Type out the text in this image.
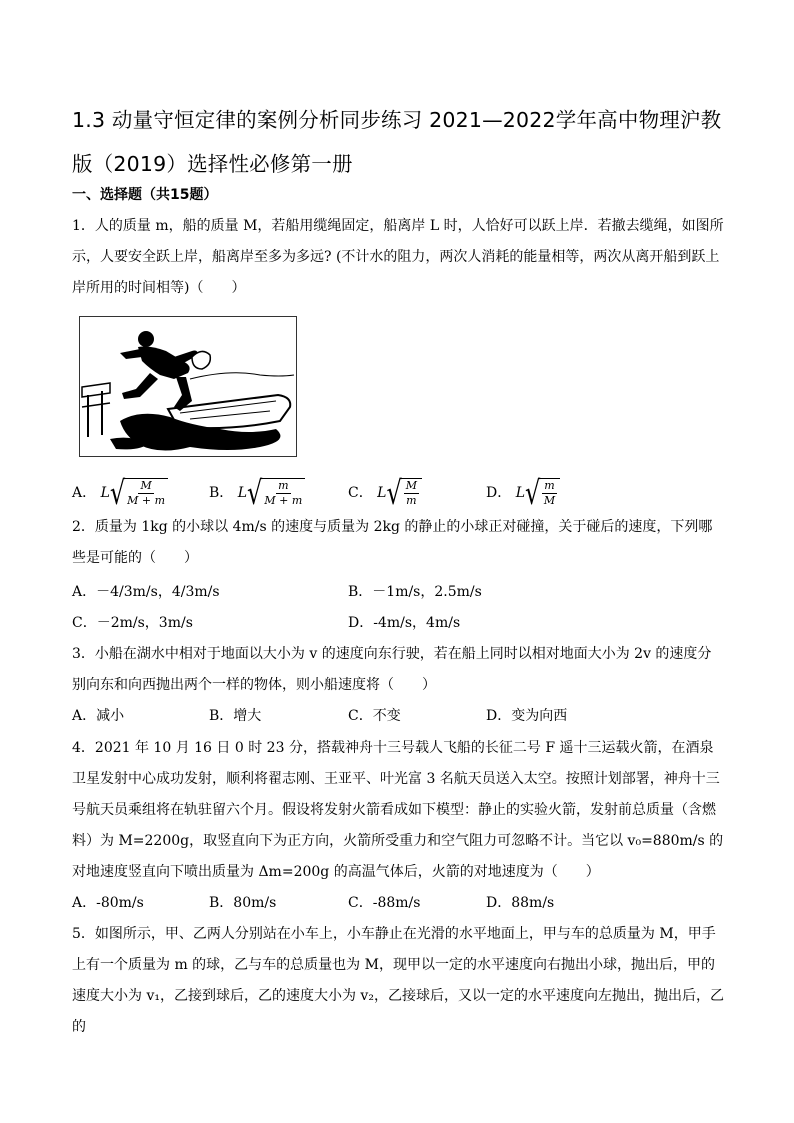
1.3 动量守恒定律的案例分析同步练习 2021—2022学年高中物理沪教版（2019）选择性必修第一册
一、选择题（共15题）
1．人的质量 m，船的质量 M，若船用缆绳固定，船离岸 L 时，人恰好可以跃上岸．若撤去缆绳，如图所示，人要安全跃上岸，船离岸至多为多远? (不计水的阻力，两次人消耗的能量相等，两次从离开船到跃上岸所用的时间相等)（　　）
A． L √ $\frac{M}{M + m}$	B． L √ $\frac{m}{M + m}$	C． L √ $\frac{M}{m}$	D． L √ $\frac{m}{M}$
2．质量为 1kg 的小球以 4m/s 的速度与质量为 2kg 的静止的小球正对碰撞，关于碰后的速度，下列哪些是可能的（　　）
A．－4/3m/s，4/3m/s	B．－1m/s，2.5m/s
C．－2m/s，3m/s	D．-4m/s，4m/s
3．小船在湖水中相对于地面以大小为 v 的速度向东行驶，若在船上同时以相对地面大小为 2v 的速度分别向东和向西抛出两个一样的物体，则小船速度将（　　）
A．减小	B．增大	C．不变	D．变为向西
4．2021 年 10 月 16 日 0 时 23 分，搭载神舟十三号载人飞船的长征二号 F 遥十三运载火箭，在酒泉卫星发射中心成功发射，顺利将翟志刚、王亚平、叶光富 3 名航天员送入太空。按照计划部署，神舟十三号航天员乘组将在轨驻留六个月。假设将发射火箭看成如下模型：静止的实验火箭，发射前总质量（含燃料）为 M=2200g，取竖直向下为正方向，火箭所受重力和空气阻力可忽略不计。当它以 v₀=880m/s 的对地速度竖直向下喷出质量为 Δm=200g 的高温气体后，火箭的对地速度为（　　）
A．-80m/s	B．80m/s	C．-88m/s	D．88m/s
5．如图所示，甲、乙两人分别站在小车上，小车静止在光滑的水平地面上，甲与车的总质量为 M，甲手上有一个质量为 m 的球，乙与车的总质量也为 M，现甲以一定的水平速度向右抛出小球，抛出后，甲的速度大小为 v₁，乙接到球后，乙的速度大小为 v₂，乙接球后，又以一定的水平速度向左抛出，抛出后，乙的
